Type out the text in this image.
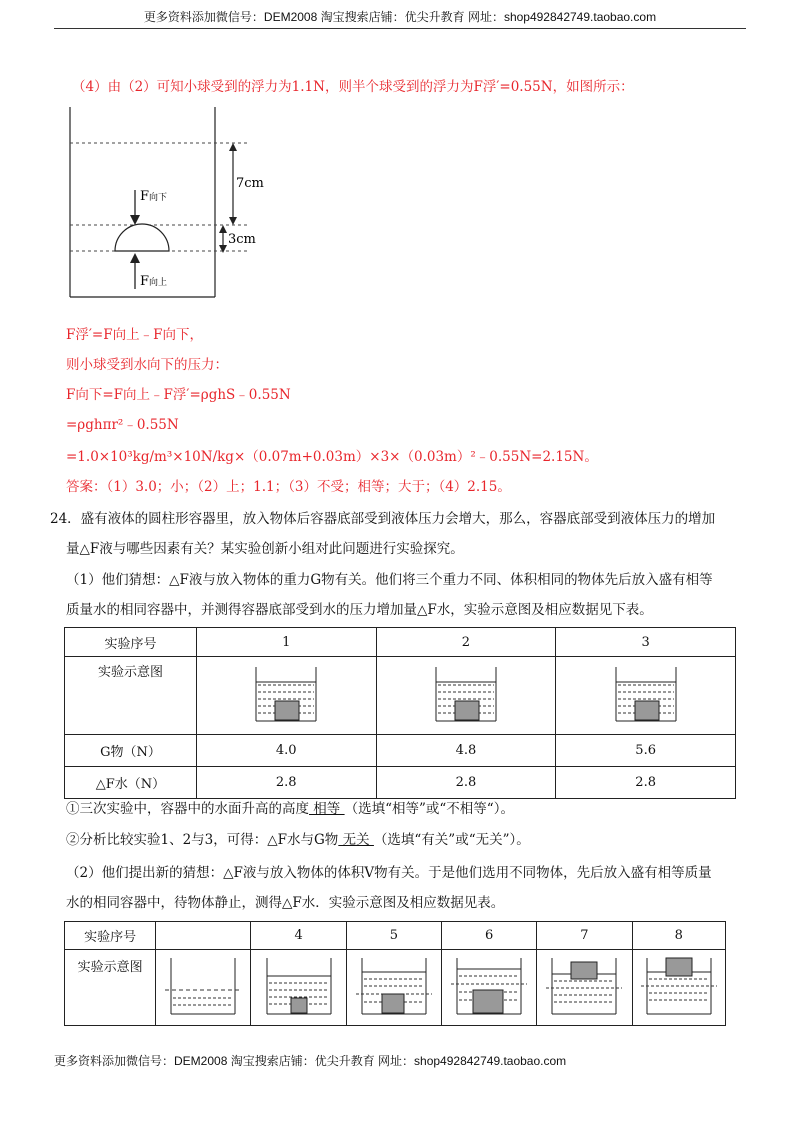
更多资料添加微信号：DEM2008 淘宝搜索店铺：优尖升教育 网址：shop492842749.taobao.com
（4）由（2）可知小球受到的浮力为1.1N，则半个球受到的浮力为F浮′=0.55N，如图所示：
F向下
F向上
7cm
3cm
F浮′=F向上﹣F向下，
则小球受到水向下的压力：
F向下=F向上﹣F浮′=ρghS﹣0.55N
=ρghπr²﹣0.55N
=1.0×10³kg/m³×10N/kg×（0.07m+0.03m）×3×（0.03m）²﹣0.55N=2.15N。
答案：（1）3.0；小；（2）上；1.1；（3）不受；相等；大于；（4）2.15。
24．盛有液体的圆柱形容器里，放入物体后容器底部受到液体压力会增大，那么，容器底部受到液体压力的增加
量△F液与哪些因素有关？某实验创新小组对此问题进行实验探究。
（1）他们猜想：△F液与放入物体的重力G物有关。他们将三个重力不同、体积相同的物体先后放入盛有相等
质量水的相同容器中，并测得容器底部受到水的压力增加量△F水，实验示意图及相应数据见下表。
实验序号	1	2	3
实验示意图			
G物（N）	4.0	4.8	5.6
△F水（N）	2.8	2.8	2.8
①三次实验中，容器中的水面升高的高度 相等 （选填“相等”或“不相等“）。
②分析比较实验1、2与3，可得：△F水与G物 无关 （选填“有关”或“无关”）。
（2）他们提出新的猜想：△F液与放入物体的体积V物有关。于是他们选用不同物体，先后放入盛有相等质量
水的相同容器中，待物体静止，测得△F水．实验示意图及相应数据见表。
实验序号		4	5	6	7	8
实验示意图						
更多资料添加微信号：DEM2008 淘宝搜索店铺：优尖升教育 网址：shop492842749.taobao.com
